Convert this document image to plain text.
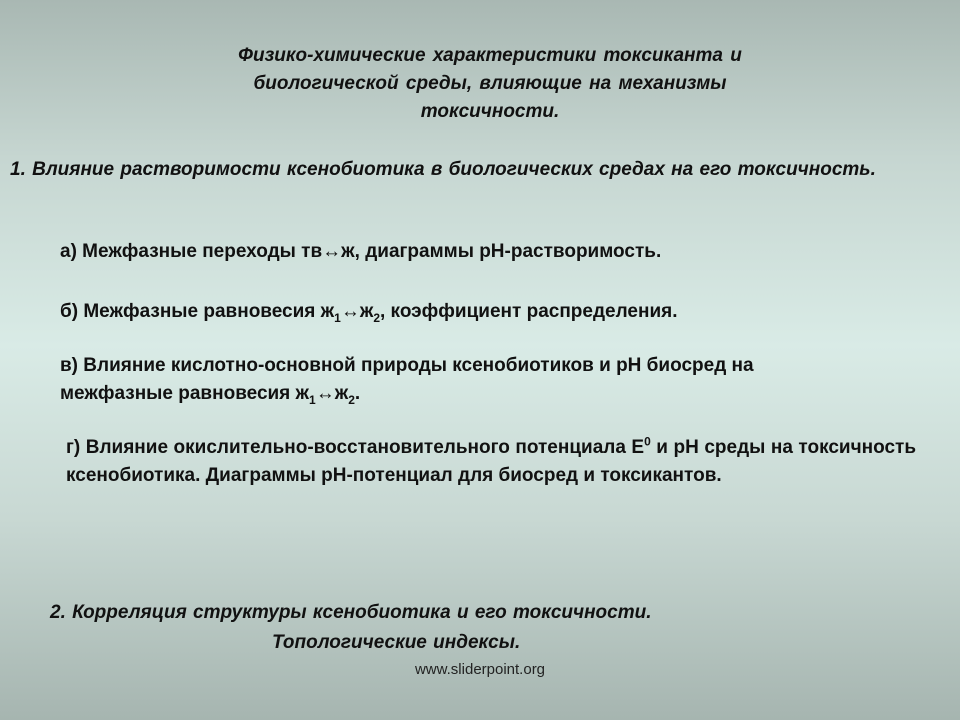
Физико-химические характеристики токсиканта и
биологической среды, влияющие на механизмы
токсичности.
1. Влияние растворимости ксенобиотика в биологических средах на его токсичность.
а) Межфазные переходы тв↔ж, диаграммы pH-растворимость.
б) Межфазные равновесия $ж_1\leftrightarrow ж_2$, коэффициент распределения.
в) Влияние кислотно-основной природы ксенобиотиков и pH биосред на межфазные равновесия $ж_1\leftrightarrow ж_2$.
г) Влияние окислительно-восстановительного потенциала $E^0$ и pH среды на токсичность ксенобиотика. Диаграммы pH-потенциал для биосред и токсикантов.
2. Корреляция структуры ксенобиотика и его токсичности.
Топологические индексы.
www.sliderpoint.org
